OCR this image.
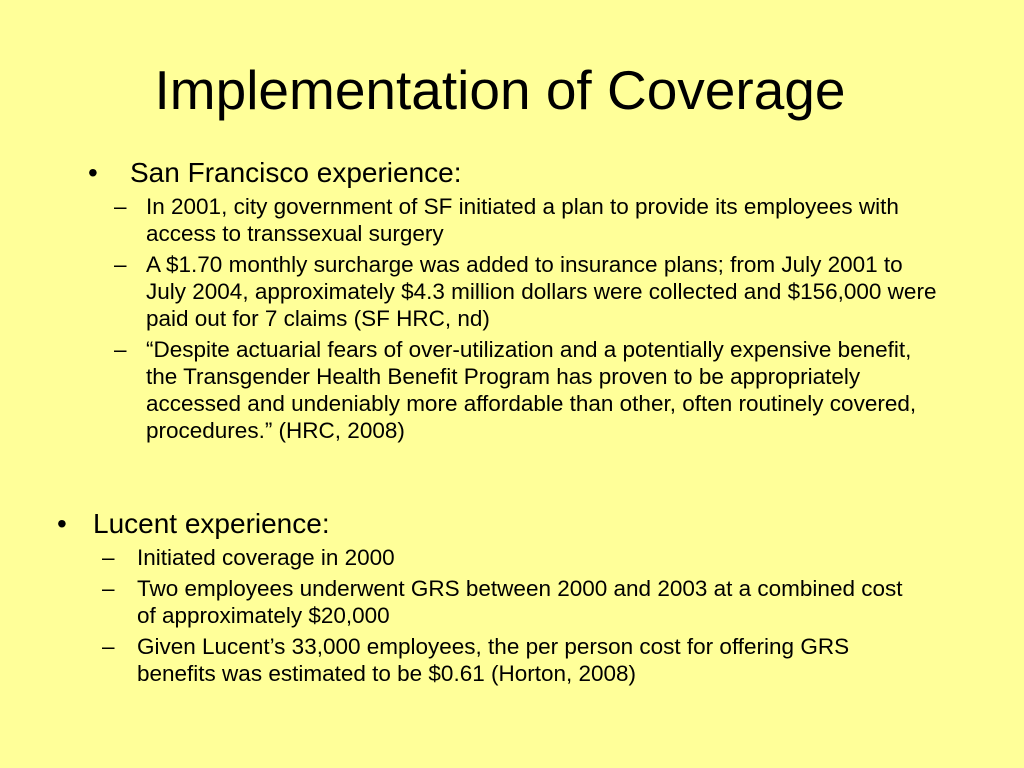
Implementation of Coverage
•	San Francisco experience:
– In 2001, city government of SF initiated a plan to provide its employees with access to transsexual surgery
– A $1.70 monthly surcharge was added to insurance plans; from July 2001 to July 2004, approximately $4.3 million dollars were collected and $156,000 were paid out for 7 claims (SF HRC, nd)
– “Despite actuarial fears of over-utilization and a potentially expensive benefit, the Transgender Health Benefit Program has proven to be appropriately accessed and undeniably more affordable than other, often routinely covered, procedures.” (HRC, 2008)
• Lucent experience:
– Initiated coverage in 2000
– Two employees underwent GRS between 2000 and 2003 at a combined cost of approximately $20,000
– Given Lucent’s 33,000 employees, the per person cost for offering GRS benefits was estimated to be $0.61 (Horton, 2008)
